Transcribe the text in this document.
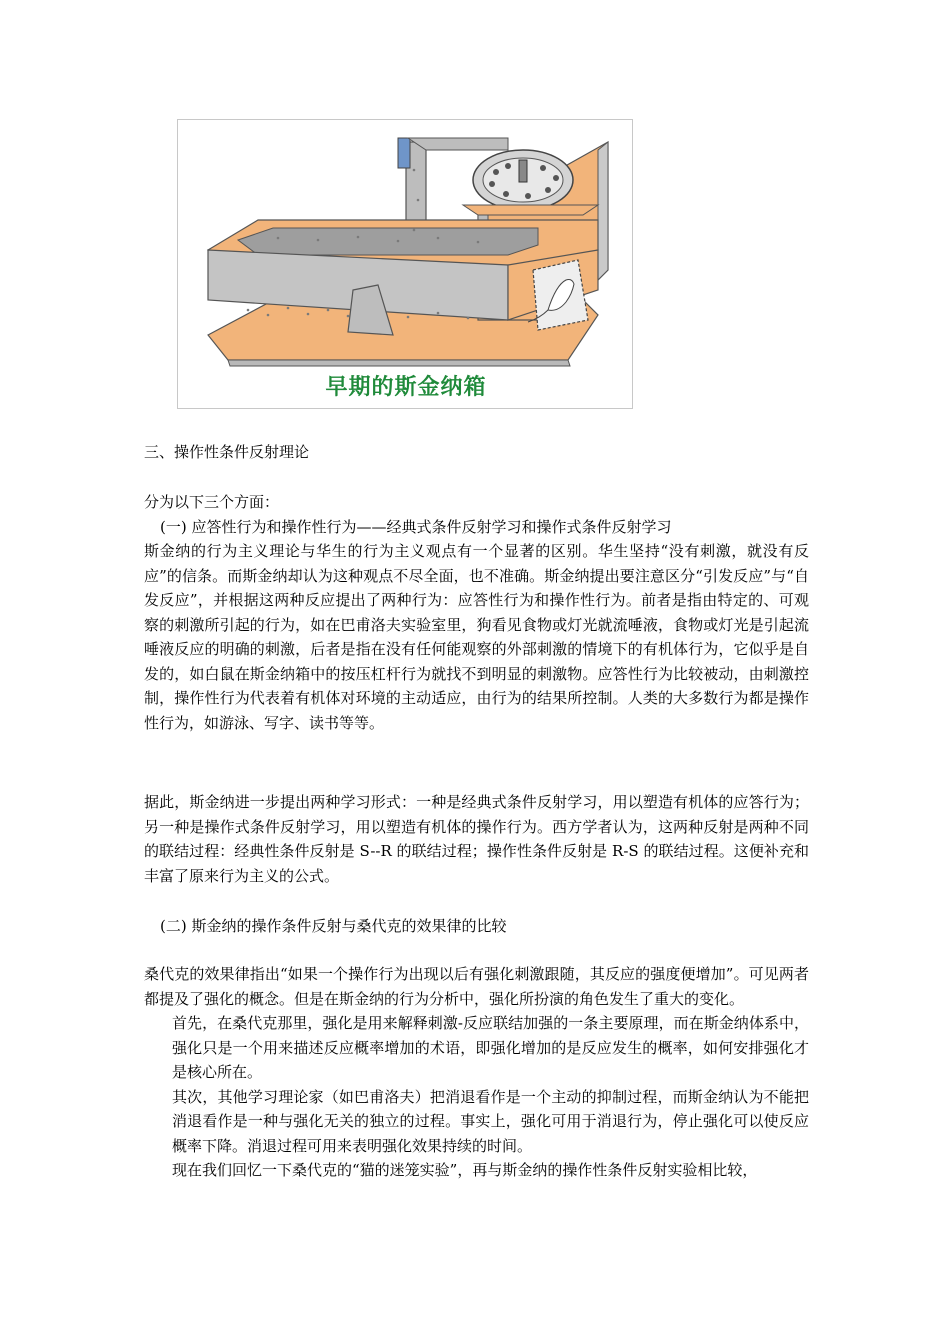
早期的斯金纳箱

三、操作性条件反射理论

分为以下三个方面：

(一) 应答性行为和操作性行为——经典式条件反射学习和操作式条件反射学习

斯金纳的行为主义理论与华生的行为主义观点有一个显著的区别。华生坚持“没有刺激，就没有反应”的信条。而斯金纳却认为这种观点不尽全面，也不准确。斯金纳提出要注意区分“引发反应”与“自发反应”，并根据这两种反应提出了两种行为：应答性行为和操作性行为。前者是指由特定的、可观察的刺激所引起的行为，如在巴甫洛夫实验室里，狗看见食物或灯光就流唾液，食物或灯光是引起流唾液反应的明确的刺激，后者是指在没有任何能观察的外部刺激的情境下的有机体行为，它似乎是自发的，如白鼠在斯金纳箱中的按压杠杆行为就找不到明显的刺激物。应答性行为比较被动，由刺激控制，操作性行为代表着有机体对环境的主动适应，由行为的结果所控制。人类的大多数行为都是操作性行为，如游泳、写字、读书等等。

据此，斯金纳进一步提出两种学习形式：一种是经典式条件反射学习，用以塑造有机体的应答行为；另一种是操作式条件反射学习，用以塑造有机体的操作行为。西方学者认为，这两种反射是两种不同的联结过程：经典性条件反射是 S--R 的联结过程；操作性条件反射是 R-S 的联结过程。这便补充和丰富了原来行为主义的公式。

(二) 斯金纳的操作条件反射与桑代克的效果律的比较

桑代克的效果律指出“如果一个操作行为出现以后有强化刺激跟随，其反应的强度便增加”。可见两者都提及了强化的概念。但是在斯金纳的行为分析中，强化所扮演的角色发生了重大的变化。

首先，在桑代克那里，强化是用来解释刺激-反应联结加强的一条主要原理，而在斯金纳体系中，强化只是一个用来描述反应概率增加的术语，即强化增加的是反应发生的概率，如何安排强化才是核心所在。

其次，其他学习理论家（如巴甫洛夫）把消退看作是一个主动的抑制过程，而斯金纳认为不能把消退看作是一种与强化无关的独立的过程。事实上，强化可用于消退行为，停止强化可以使反应概率下降。消退过程可用来表明强化效果持续的时间。

现在我们回忆一下桑代克的“猫的迷笼实验”，再与斯金纳的操作性条件反射实验相比较，
